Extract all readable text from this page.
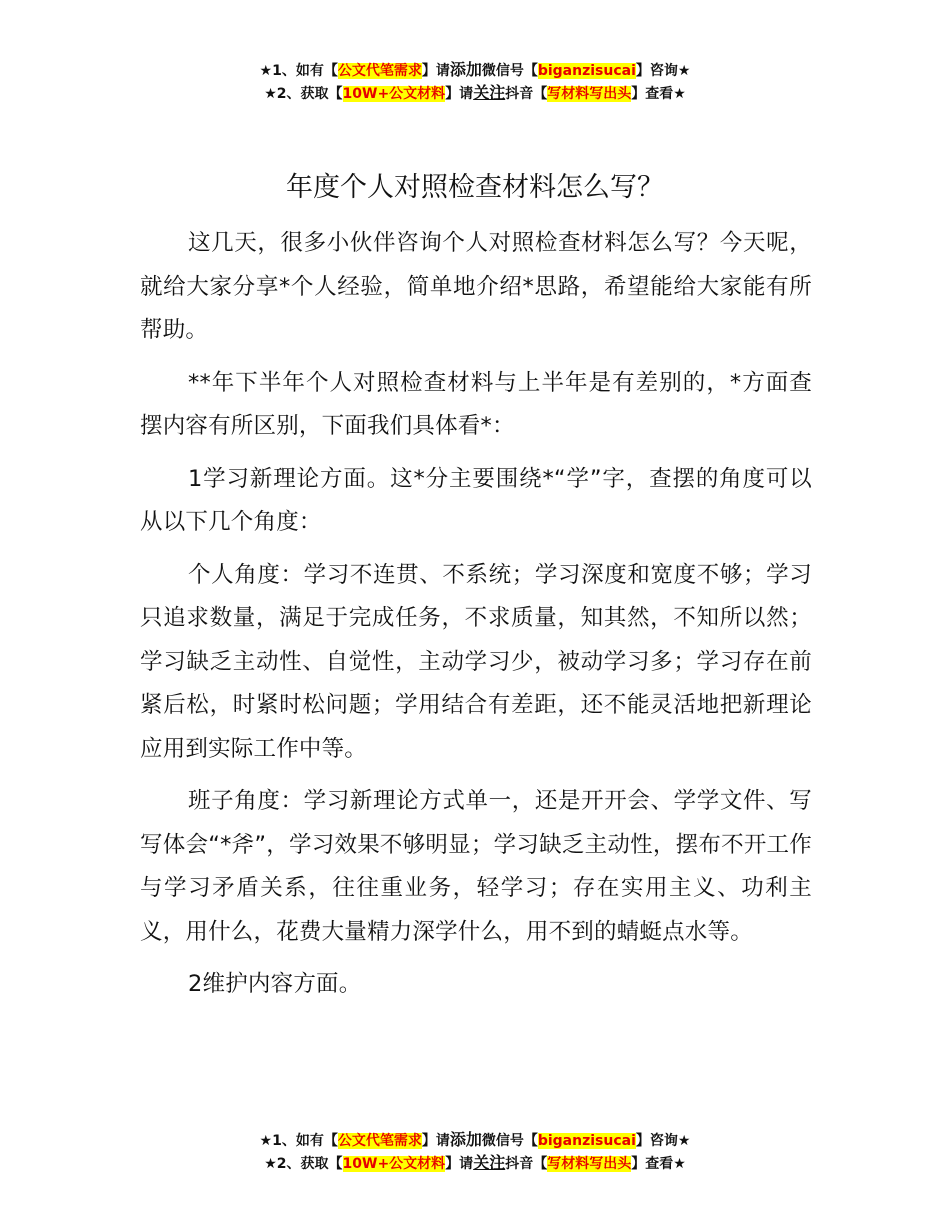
★1、如有【公文代笔需求】请添加微信号【biganzisucai】咨询★
★2、获取【10W+公文材料】请关注抖音【写材料写出头】查看★
年度个人对照检查材料怎么写？

这几天，很多小伙伴咨询个人对照检查材料怎么写？今天呢，就给大家分享*个人经验，简单地介绍*思路，希望能给大家能有所帮助。

**年下半年个人对照检查材料与上半年是有差别的，*方面查摆内容有所区别，下面我们具体看*：

1学习新理论方面。这*分主要围绕*“学”字，查摆的角度可以从以下几个角度：

个人角度：学习不连贯、不系统；学习深度和宽度不够；学习只追求数量，满足于完成任务，不求质量，知其然，不知所以然；学习缺乏主动性、自觉性，主动学习少，被动学习多；学习存在前紧后松，时紧时松问题；学用结合有差距，还不能灵活地把新理论应用到实际工作中等。

班子角度：学习新理论方式单一，还是开开会、学学文件、写写体会“*斧”，学习效果不够明显；学习缺乏主动性，摆布不开工作与学习矛盾关系，往往重业务，轻学习；存在实用主义、功利主义，用什么，花费大量精力深学什么，用不到的蜻蜓点水等。

2维护内容方面。

★1、如有【公文代笔需求】请添加微信号【biganzisucai】咨询★
★2、获取【10W+公文材料】请关注抖音【写材料写出头】查看★
